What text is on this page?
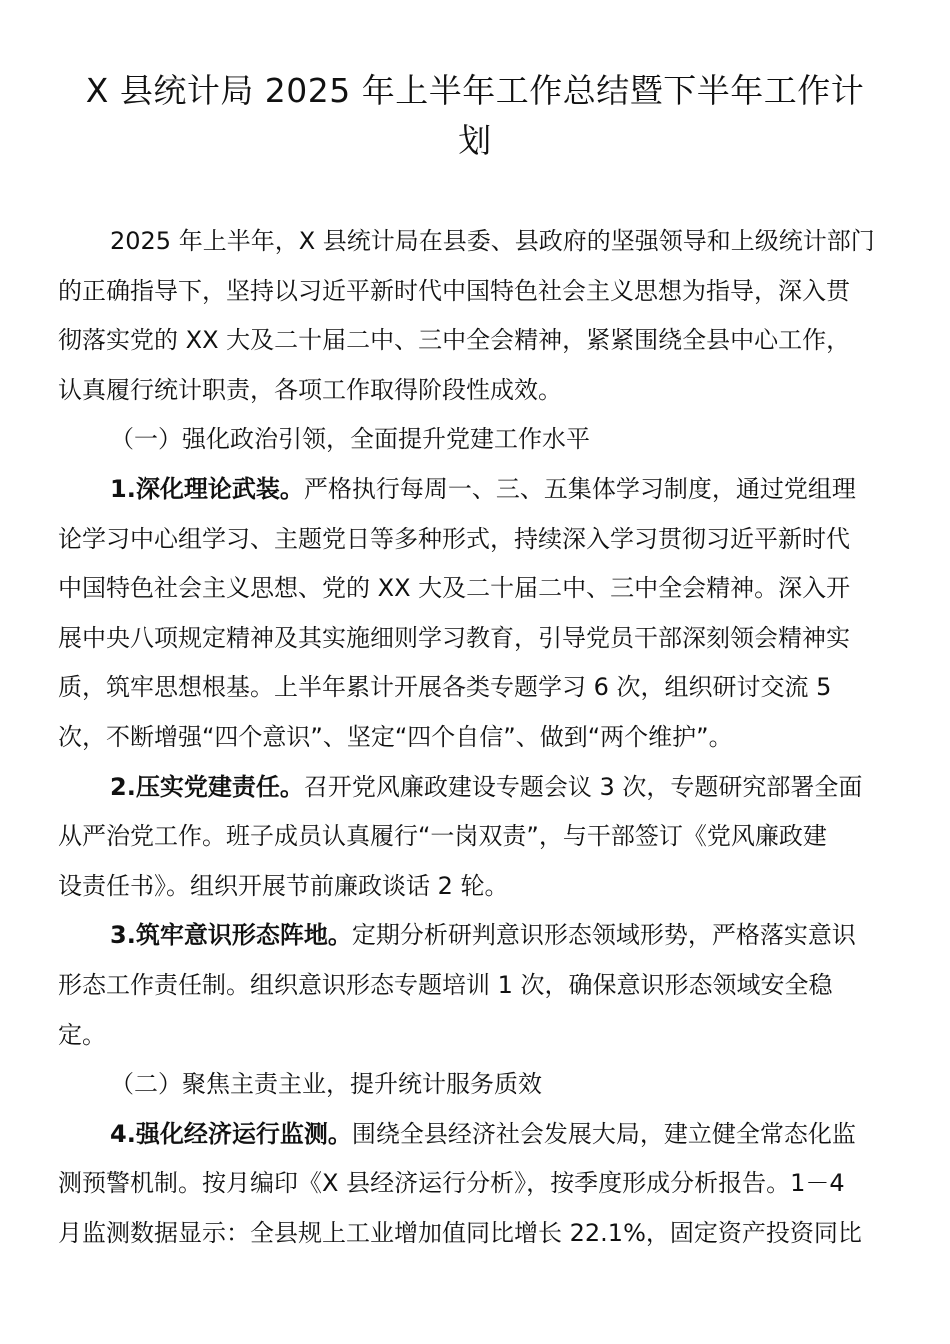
X 县统计局 2025 年上半年工作总结暨下半年工作计
划

2025 年上半年，X 县统计局在县委、县政府的坚强领导和上级统计部门
的正确指导下，坚持以习近平新时代中国特色社会主义思想为指导，深入贯
彻落实党的 XX 大及二十届二中、三中全会精神，紧紧围绕全县中心工作，
认真履行统计职责，各项工作取得阶段性成效。

（一）强化政治引领，全面提升党建工作水平

1.深化理论武装。严格执行每周一、三、五集体学习制度，通过党组理
论学习中心组学习、主题党日等多种形式，持续深入学习贯彻习近平新时代
中国特色社会主义思想、党的 XX 大及二十届二中、三中全会精神。深入开
展中央八项规定精神及其实施细则学习教育，引导党员干部深刻领会精神实
质，筑牢思想根基。上半年累计开展各类专题学习 6 次，组织研讨交流 5
次，不断增强“四个意识”、坚定“四个自信”、做到“两个维护”。

2.压实党建责任。召开党风廉政建设专题会议 3 次，专题研究部署全面
从严治党工作。班子成员认真履行“一岗双责”，与干部签订《党风廉政建
设责任书》。组织开展节前廉政谈话 2 轮。

3.筑牢意识形态阵地。定期分析研判意识形态领域形势，严格落实意识
形态工作责任制。组织意识形态专题培训 1 次，确保意识形态领域安全稳
定。

（二）聚焦主责主业，提升统计服务质效

4.强化经济运行监测。围绕全县经济社会发展大局，建立健全常态化监
测预警机制。按月编印《X 县经济运行分析》，按季度形成分析报告。1－4
月监测数据显示：全县规上工业增加值同比增长 22.1%，固定资产投资同比
